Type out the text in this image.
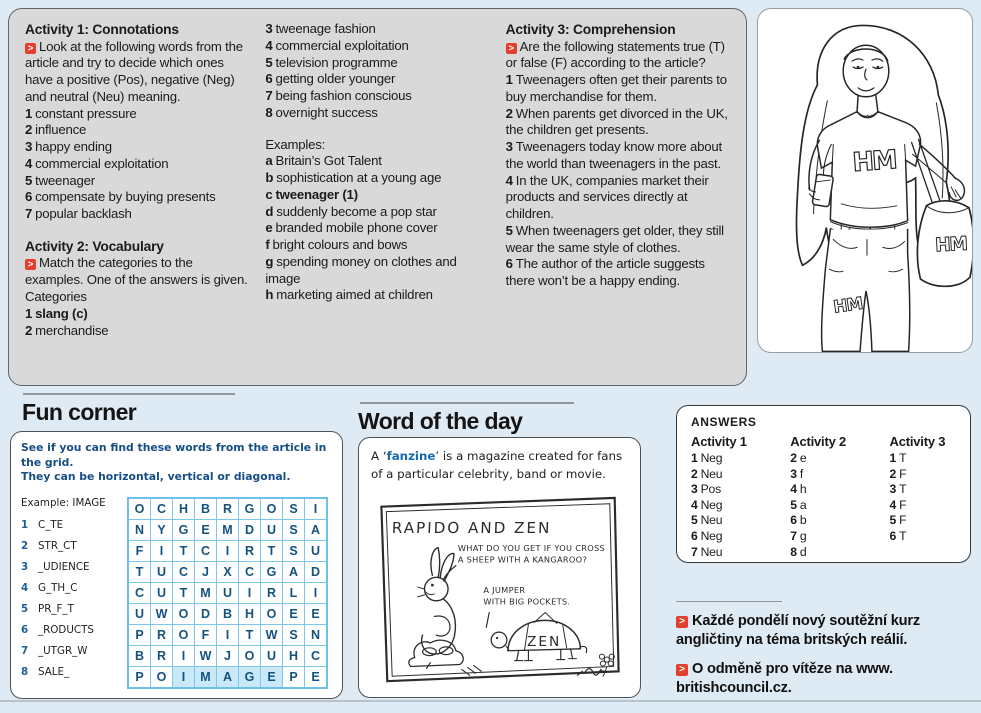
Activity 1: Connotations
> Look at the following words from the article and try to decide which ones have a positive (Pos), negative (Neg) and neutral (Neu) meaning.
1 constant pressure
2 influence
3 happy ending
4 commercial exploitation
5 tweenager
6 compensate by buying presents
7 popular backlash
Activity 2: Vocabulary
> Match the categories to the examples. One of the answers is given.
Categories
1 slang (c)
2 merchandise
3 tweenage fashion
4 commercial exploitation
5 television programme
6 getting older younger
7 being fashion conscious
8 overnight success
Examples:
a Britain’s Got Talent
b sophistication at a young age
c tweenager (1)
d suddenly become a pop star
e branded mobile phone cover
f bright colours and bows
g spending money on clothes and image
h marketing aimed at children
Activity 3: Comprehension
> Are the following statements true (T) or false (F) according to the article?
1 Tweenagers often get their parents to buy merchandise for them.
2 When parents get divorced in the UK, the children get presents.
3 Tweenagers today know more about the world than tweenagers in the past.
4 In the UK, companies market their products and services directly at children.
5 When tweenagers get older, they still wear the same style of clothes.
6 The author of the article suggests there won’t be a happy ending.
HM
HM
HM
Fun corner
See if you can find these words from the article in the grid.
They can be horizontal, vertical or diagonal.
Example: IMAGE
1 C_TE
2 STR_CT
3 _UDIENCE
4 G_TH_C
5 PR_F_T
6 _RODUCTS
7 _UTGR_W
8 SALE_
O	C	H	B	R	G	O	S	I
N	Y	G	E	M	D	U	S	A
F	I	T	C	I	R	T	S	U
T	U	C	J	X	C	G	A	D
C	U	T	M	U	I	R	L	I
U	W	O	D	B	H	O	E	E
P	R	O	F	I	T	W	S	N
B	R	I	W	J	O	U	H	C
P	O	I	M	A	G	E	P	E
Word of the day
A ‘fanzine’ is a magazine created for fans of a particular celebrity, band or movie.
RAPIDO AND ZEN
WHAT DO YOU GET IF YOU CROSS
A SHEEP WITH A KANGAROO?
A JUMPER
WITH BIG POCKETS.
ZEN
ANSWERS
Activity 1
1 Neg
2 Neu
3 Pos
4 Neg
5 Neu
6 Neg
7 Neu
Activity 2
2 e
3 f
4 h
5 a
6 b
7 g
8 d
Activity 3
1 T
2 F
3 T
4 F
5 F
6 T
> Každé pondělí nový soutěžní kurz angličtiny na téma britských reálií.
> O odměně pro vítěze na www.
britishcouncil.cz.
